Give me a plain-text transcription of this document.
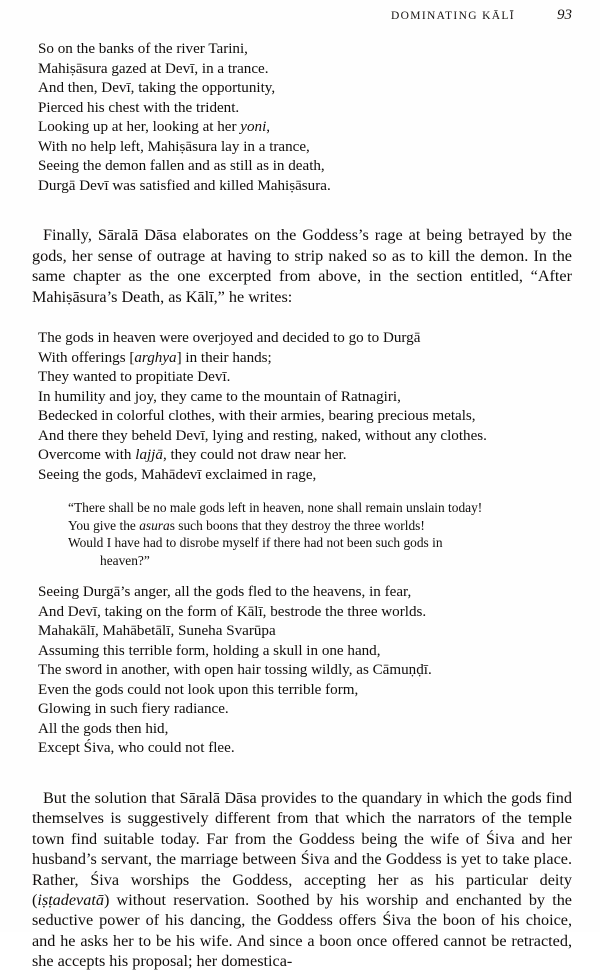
DOMINATING KĀLĪ	93
So on the banks of the river Tarini,
Mahiṣāsura gazed at Devī, in a trance.
And then, Devī, taking the opportunity,
Pierced his chest with the trident.
Looking up at her, looking at her yoni,
With no help left, Mahiṣāsura lay in a trance,
Seeing the demon fallen and as still as in death,
Durgā Devī was satisfied and killed Mahiṣāsura.

Finally, Sāralā Dāsa elaborates on the Goddess’s rage at being betrayed by the gods, her sense of outrage at having to strip naked so as to kill the demon. In the same chapter as the one excerpted from above, in the section entitled, “After Mahiṣāsura’s Death, as Kālī,” he writes:

The gods in heaven were overjoyed and decided to go to Durgā
With offerings [arghya] in their hands;
They wanted to propitiate Devī.
In humility and joy, they came to the mountain of Ratnagiri,
Bedecked in colorful clothes, with their armies, bearing precious metals,
And there they beheld Devī, lying and resting, naked, without any clothes.
Overcome with lajjā, they could not draw near her.
Seeing the gods, Mahādevī exclaimed in rage,
“There shall be no male gods left in heaven, none shall remain unslain today!
You give the asuras such boons that they destroy the three worlds!
Would I have had to disrobe myself if there had not been such gods in
heaven?”
Seeing Durgā’s anger, all the gods fled to the heavens, in fear,
And Devī, taking on the form of Kālī, bestrode the three worlds.
Mahakālī, Mahābetālī, Suneha Svarūpa
Assuming this terrible form, holding a skull in one hand,
The sword in another, with open hair tossing wildly, as Cāmuṇḍī.
Even the gods could not look upon this terrible form,
Glowing in such fiery radiance.
All the gods then hid,
Except Śiva, who could not flee.

But the solution that Sāralā Dāsa provides to the quandary in which the gods find themselves is suggestively different from that which the narrators of the temple town find suitable today. Far from the Goddess being the wife of Śiva and her husband’s servant, the marriage between Śiva and the Goddess is yet to take place. Rather, Śiva worships the Goddess, accepting her as his particular deity (iṣṭadevatā) without reservation. Soothed by his worship and enchanted by the seductive power of his dancing, the Goddess offers Śiva the boon of his choice, and he asks her to be his wife. And since a boon once offered cannot be retracted, she accepts his proposal; her domestica-
